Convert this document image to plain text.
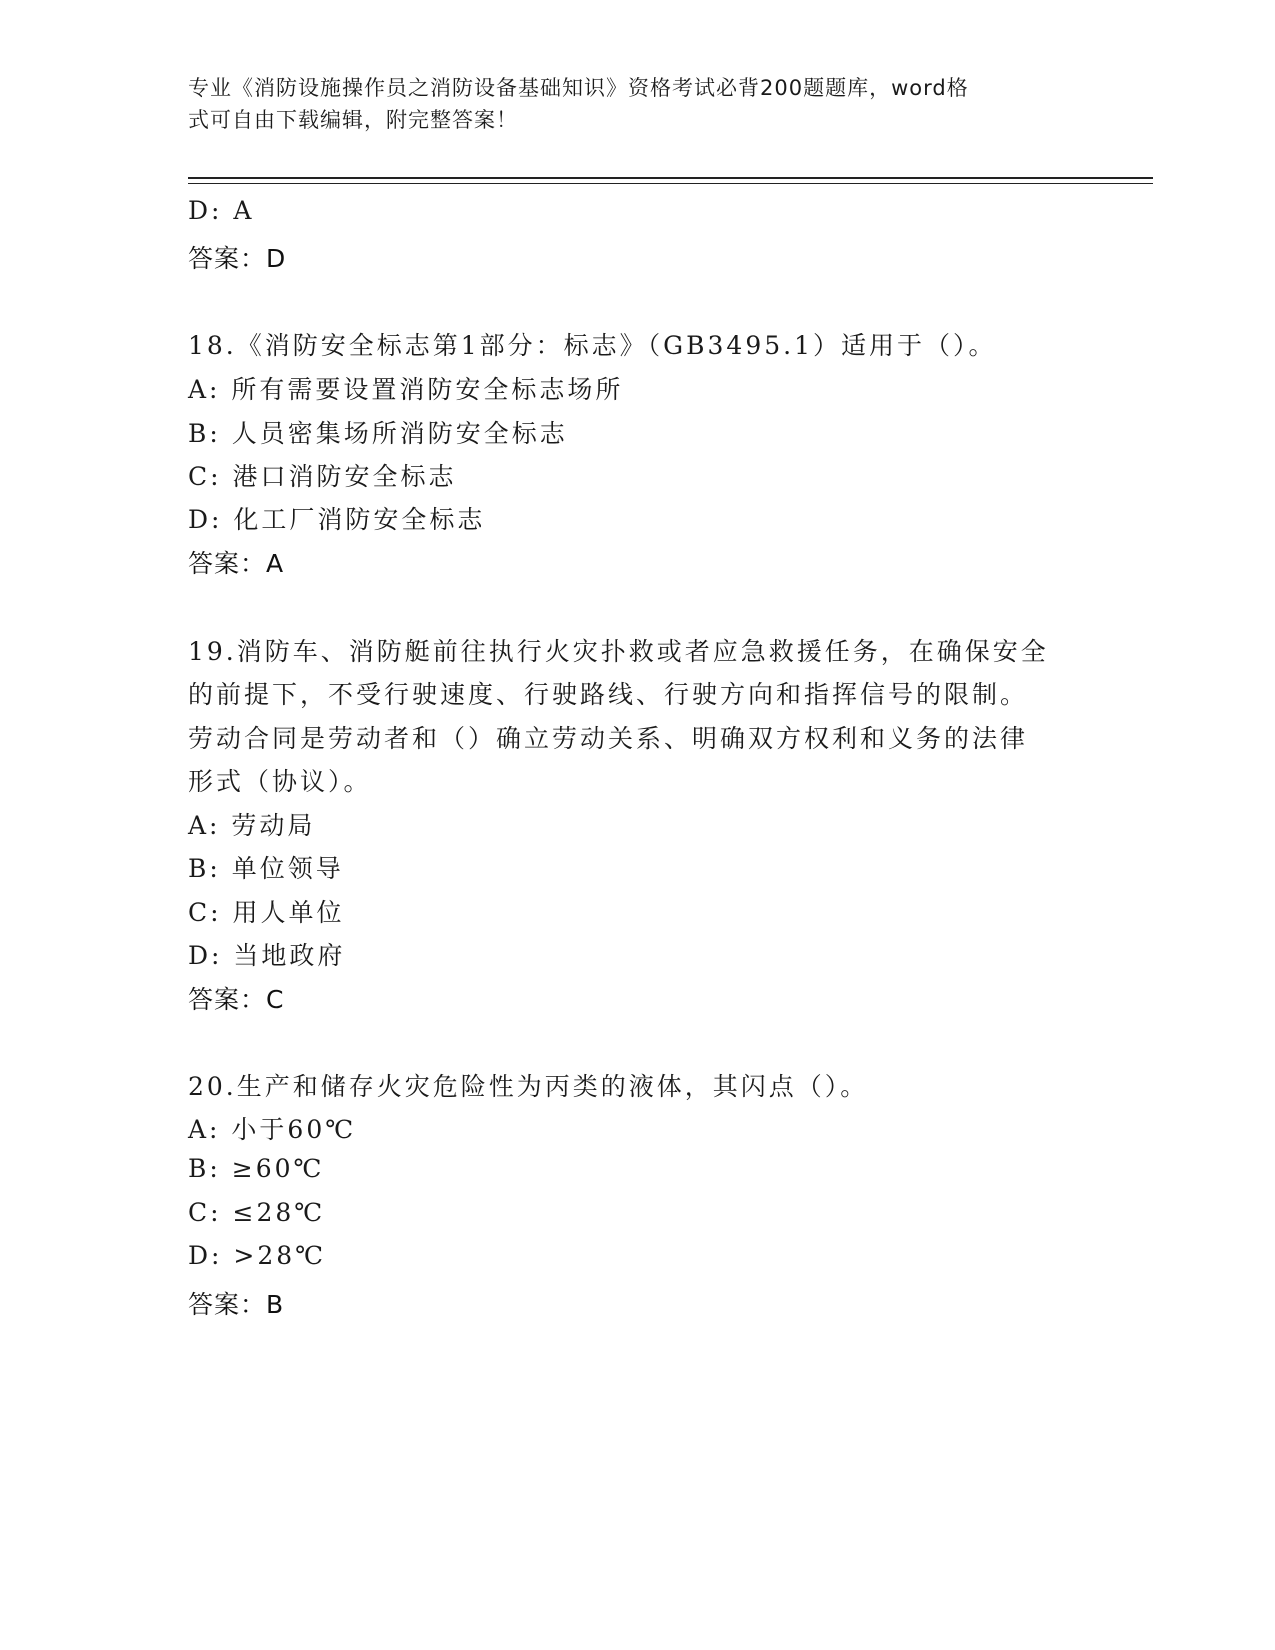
专业《消防设施操作员之消防设备基础知识》资格考试必背200题题库，word格
式可自由下载编辑，附完整答案！
D: A
答案：D
18.《消防安全标志第1部分：标志》（GB3495.1）适用于（）。
A: 所有需要设置消防安全标志场所
B: 人员密集场所消防安全标志
C: 港口消防安全标志
D: 化工厂消防安全标志
答案：A
19.消防车、消防艇前往执行火灾扑救或者应急救援任务，在确保安全
的前提下，不受行驶速度、行驶路线、行驶方向和指挥信号的限制。
劳动合同是劳动者和（）确立劳动关系、明确双方权利和义务的法律
形式（协议）。
A: 劳动局
B: 单位领导
C: 用人单位
D: 当地政府
答案：C
20.生产和储存火灾危险性为丙类的液体，其闪点（）。
A: 小于60℃
B: ≥60℃
C: ≤28℃
D: >28℃
答案：B
